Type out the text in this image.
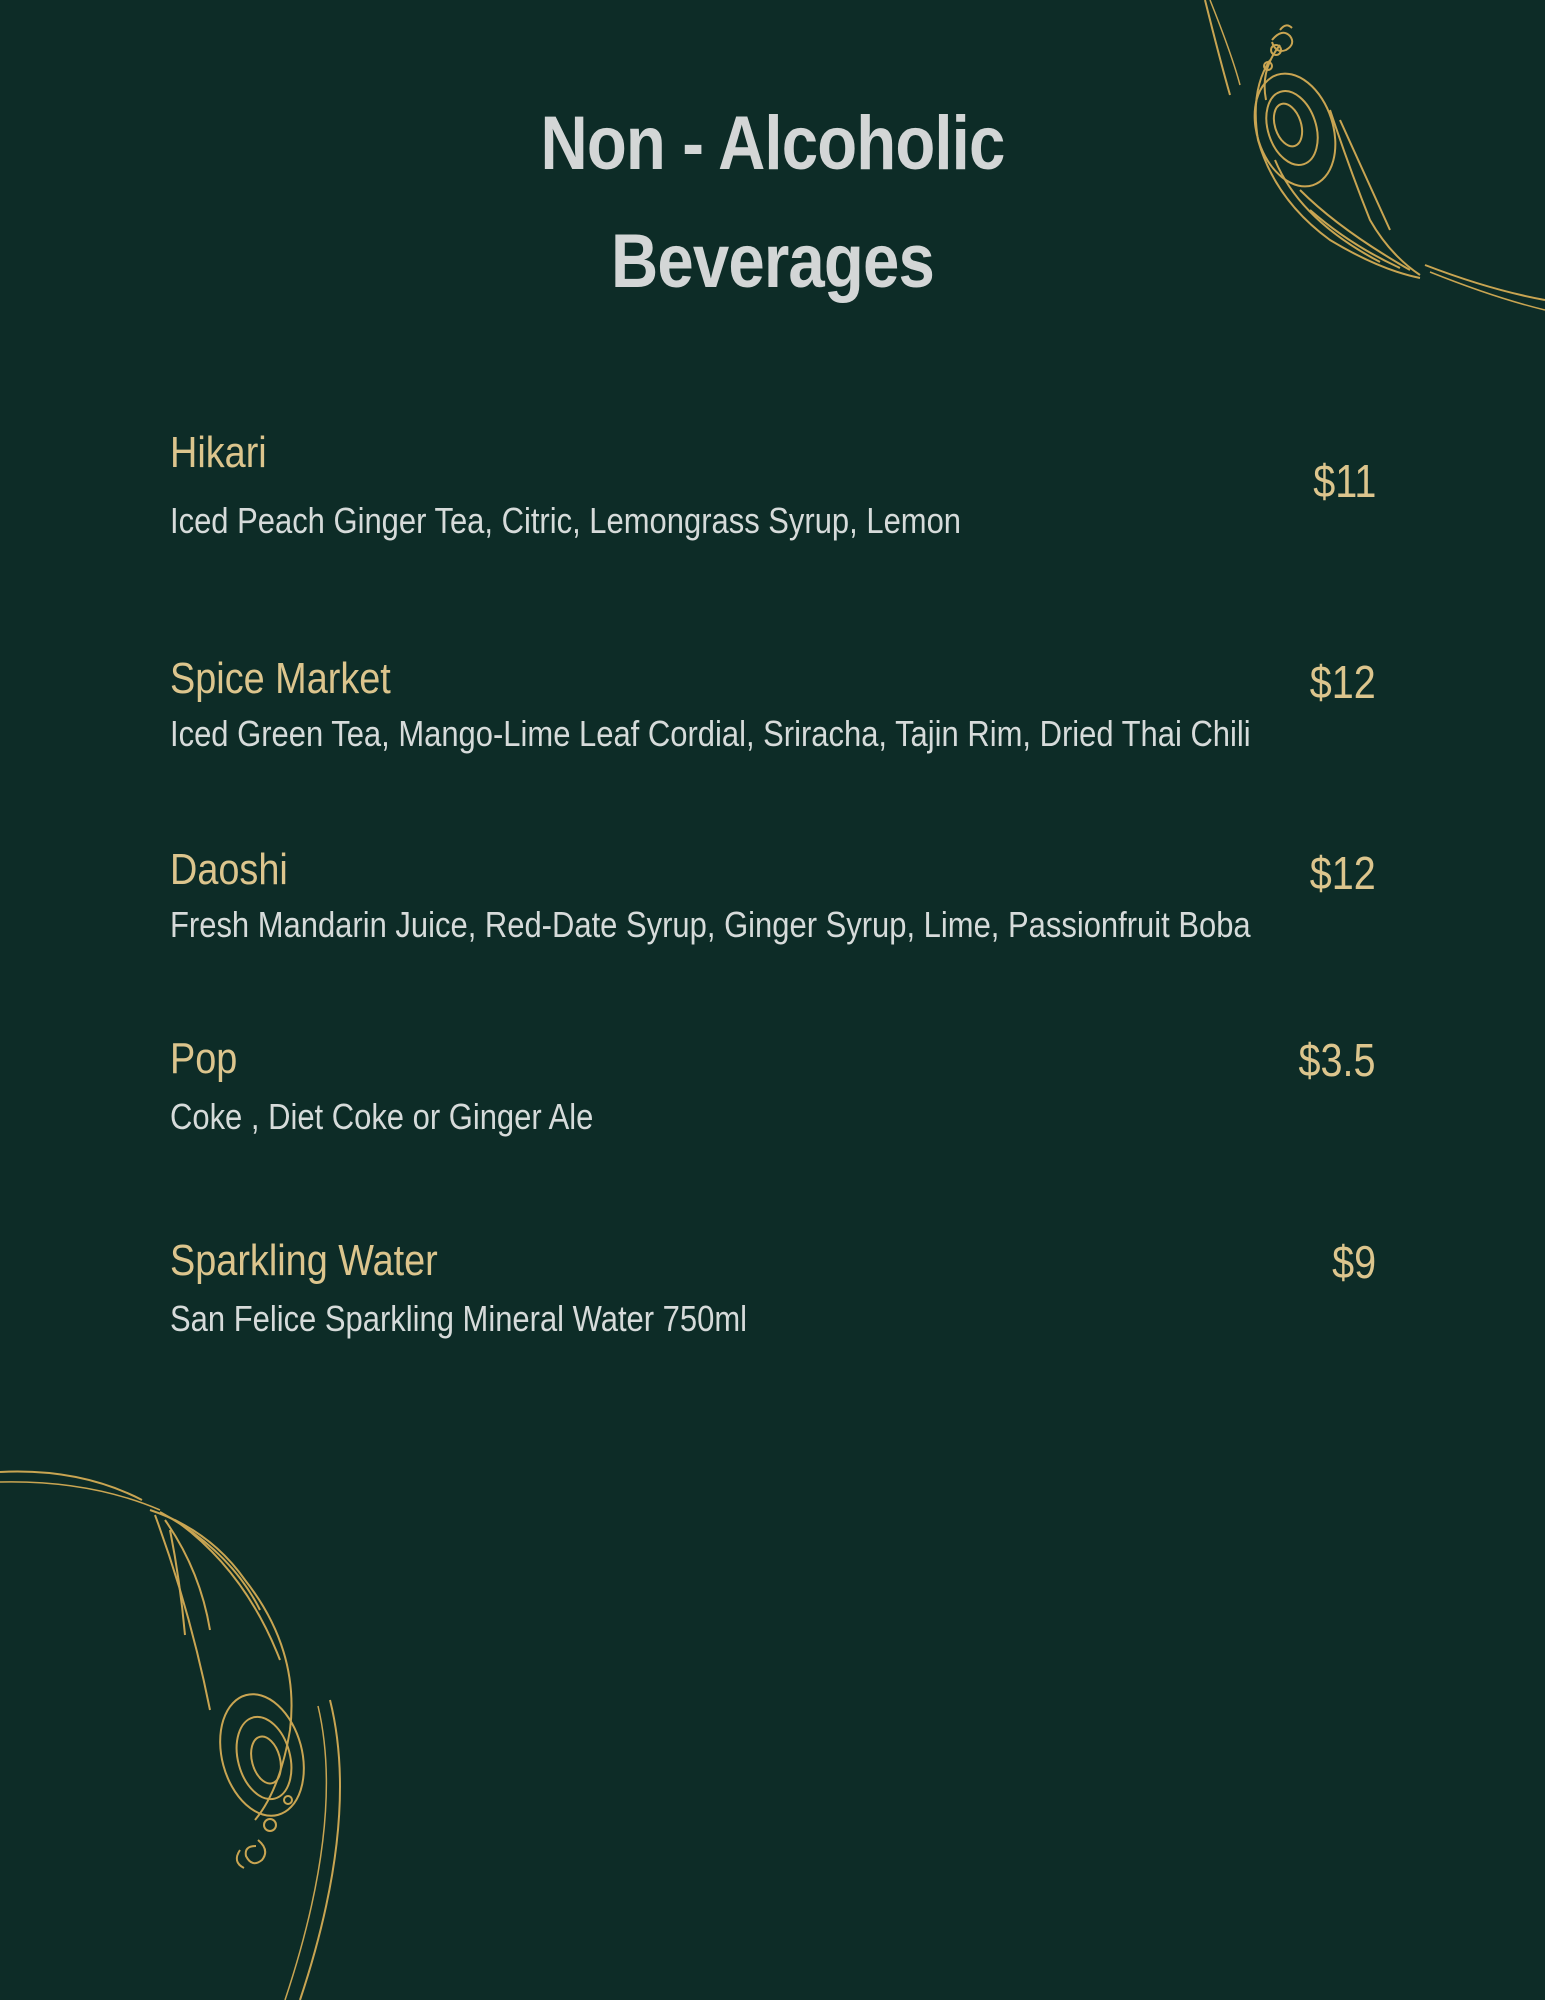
Non - Alcoholic
Beverages
Hikari
$11
Iced Peach Ginger Tea, Citric, Lemongrass Syrup, Lemon
Spice Market	$12
Iced Green Tea, Mango-Lime Leaf Cordial, Sriracha, Tajin Rim, Dried Thai Chili
Daoshi	$12
Fresh Mandarin Juice, Red-Date Syrup, Ginger Syrup, Lime, Passionfruit Boba
Pop	$3.5
Coke , Diet Coke or Ginger Ale
Sparkling Water	$9
San Felice Sparkling Mineral Water 750ml
